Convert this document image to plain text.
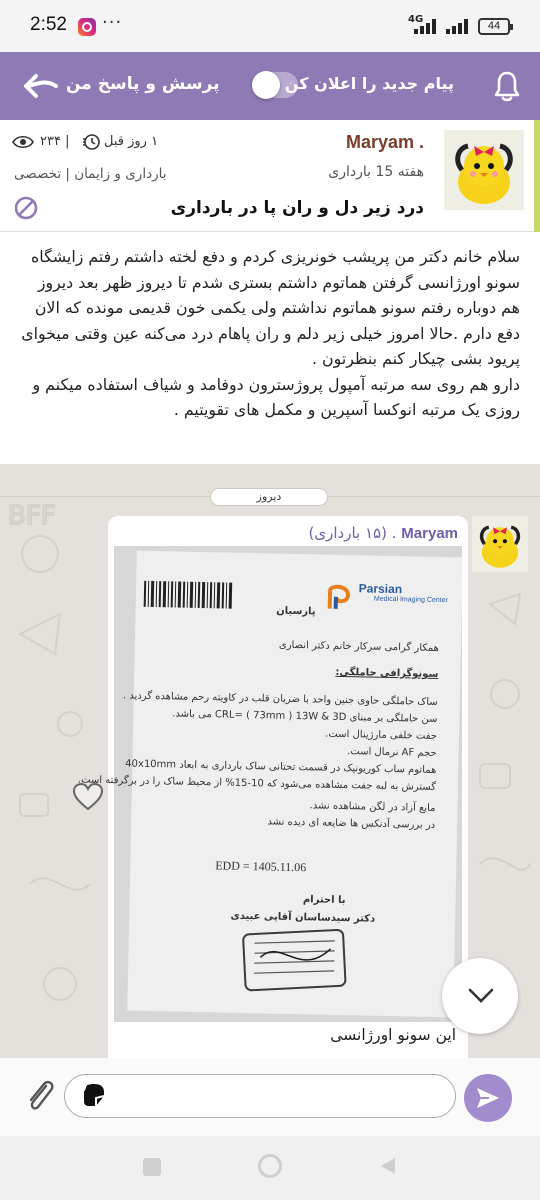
2:52 ···	4G
44
پرسش و پاسخ من	پیام جدید را اعلان کن
Maryam .
هفته 15 بارداری
درد زیر دل و ران پا در بارداری
۱ روز قبل
| ۲۳۴
بارداری و زایمان | تخصصی

سلام خانم دکتر من پریشب خونریزی کردم و دفع لخته داشتم رفتم زایشگاه سونو اورژانسی گرفتن هماتوم داشتم بستری شدم تا دیروز ظهر بعد دیروز هم دوباره رفتم سونو هماتوم نداشتم ولی یکمی خون قدیمی مونده که الان دفع دارم .حالا امروز خیلی زیر دلم و ران پاهام درد می‌کنه عین وقتی میخوای پریود بشی چیکار کنم بنظرتون .
دارو هم روی سه مرتبه آمپول پروژسترون دوفامد و شیاف استفاده میکنم و روزی یک مرتبه انوکسا آسپرین و مکمل های تقویتیم .

BFF
دیروز
Maryam . (۱۵ بارداری)
Parsian
Medical Imaging Center
پارسیان
همکار گرامی سرکار خانم دکتر انصاری
سونوگرافی حاملگی:
ساک حاملگی حاوی جنین واحد با ضربان قلب در کاویته رحم مشاهده گردید .
سن حاملگی بر مبنای CRL= ( 73mm ) 13W & 3D می باشد.
جفت خلفی مارژینال است.
حجم AF نرمال است.
هماتوم ساب کوریونیک در قسمت تحتانی ساک بارداری به ابعاد 40x10mm
گسترش به لبه جفت مشاهده می‌شود که 10-15% از محیط ساک را در برگرفته است.
مایع آزاد در لگن مشاهده نشد.
در بررسی آدنکس ها ضایعه ای دیده نشد
EDD = 1405.11.06
با احترام
دکتر سیدساسان آقایی عبیدی
این سونو اورژانسی
